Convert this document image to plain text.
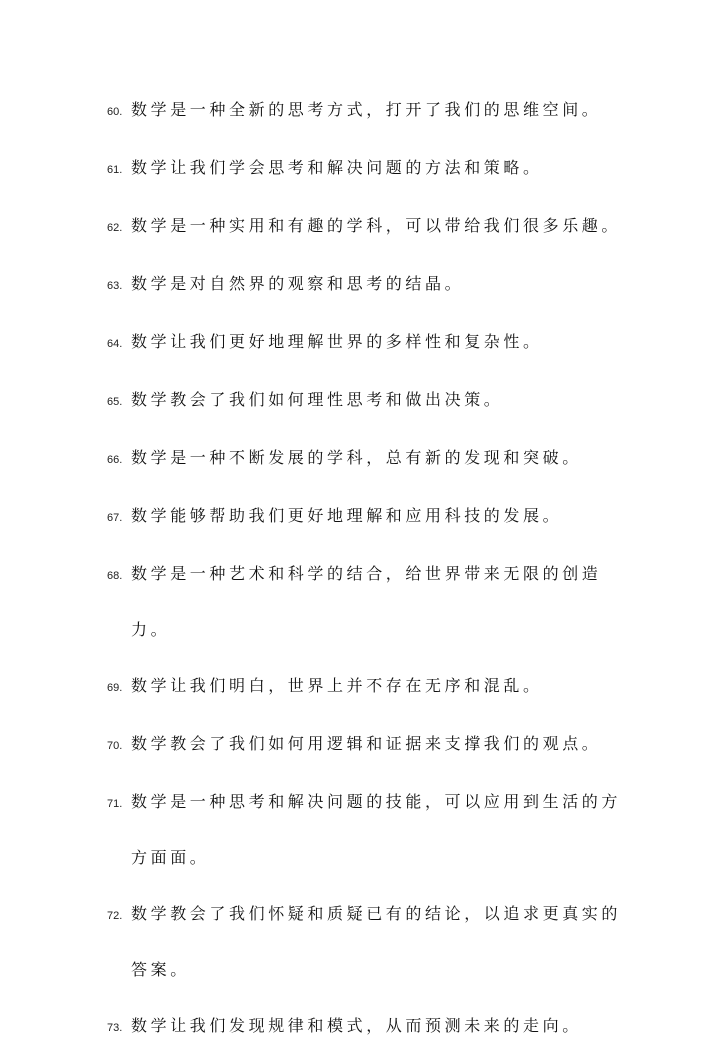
60. 数学是一种全新的思考方式，打开了我们的思维空间。
61. 数学让我们学会思考和解决问题的方法和策略。
62. 数学是一种实用和有趣的学科，可以带给我们很多乐趣。
63. 数学是对自然界的观察和思考的结晶。
64. 数学让我们更好地理解世界的多样性和复杂性。
65. 数学教会了我们如何理性思考和做出决策。
66. 数学是一种不断发展的学科，总有新的发现和突破。
67. 数学能够帮助我们更好地理解和应用科技的发展。
68. 数学是一种艺术和科学的结合，给世界带来无限的创造力。
69. 数学让我们明白，世界上并不存在无序和混乱。
70. 数学教会了我们如何用逻辑和证据来支撑我们的观点。
71. 数学是一种思考和解决问题的技能，可以应用到生活的方方面面。
72. 数学教会了我们怀疑和质疑已有的结论，以追求更真实的答案。
73. 数学让我们发现规律和模式，从而预测未来的走向。
